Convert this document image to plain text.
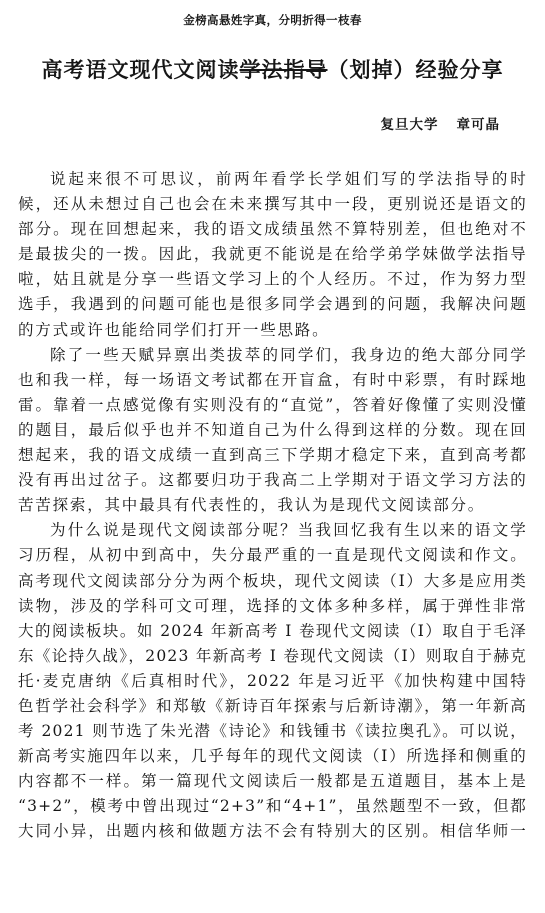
金榜高悬姓字真，分明折得一枝春
高考语文现代文阅读学法指导（划掉）经验分享
复旦大学 章可晶
说起来很不可思议，前两年看学长学姐们写的学法指导的时
候，还从未想过自己也会在未来撰写其中一段，更别说还是语文的
部分。现在回想起来，我的语文成绩虽然不算特别差，但也绝对不
是最拔尖的一拨。因此，我就更不能说是在给学弟学妹做学法指导
啦，姑且就是分享一些语文学习上的个人经历。不过，作为努力型
选手，我遇到的问题可能也是很多同学会遇到的问题，我解决问题
的方式或许也能给同学们打开一些思路。
除了一些天赋异禀出类拔萃的同学们，我身边的绝大部分同学
也和我一样，每一场语文考试都在开盲盒，有时中彩票，有时踩地
雷。靠着一点感觉像有实则没有的“直觉”，答着好像懂了实则没懂
的题目，最后似乎也并不知道自己为什么得到这样的分数。现在回
想起来，我的语文成绩一直到高三下学期才稳定下来，直到高考都
没有再出过岔子。这都要归功于我高二上学期对于语文学习方法的
苦苦探索，其中最具有代表性的，我认为是现代文阅读部分。
为什么说是现代文阅读部分呢？当我回忆我有生以来的语文学
习历程，从初中到高中，失分最严重的一直是现代文阅读和作文。
高考现代文阅读部分分为两个板块，现代文阅读（I）大多是应用类
读物，涉及的学科可文可理，选择的文体多种多样，属于弹性非常
大的阅读板块。如 2024 年新高考 I 卷现代文阅读（I）取自于毛泽
东《论持久战》，2023 年新高考 I 卷现代文阅读（I）则取自于赫克
托·麦克唐纳《后真相时代》，2022 年是习近平《加快构建中国特
色哲学社会科学》和郑敏《新诗百年探索与后新诗潮》，第一年新高
考 2021 则节选了朱光潜《诗论》和钱锺书《读拉奥孔》。可以说，
新高考实施四年以来，几乎每年的现代文阅读（I）所选择和侧重的
内容都不一样。第一篇现代文阅读后一般都是五道题目，基本上是
“3+2”，模考中曾出现过“2+3”和“4+1”，虽然题型不一致，但都
大同小异，出题内核和做题方法不会有特别大的区别。相信华师一
